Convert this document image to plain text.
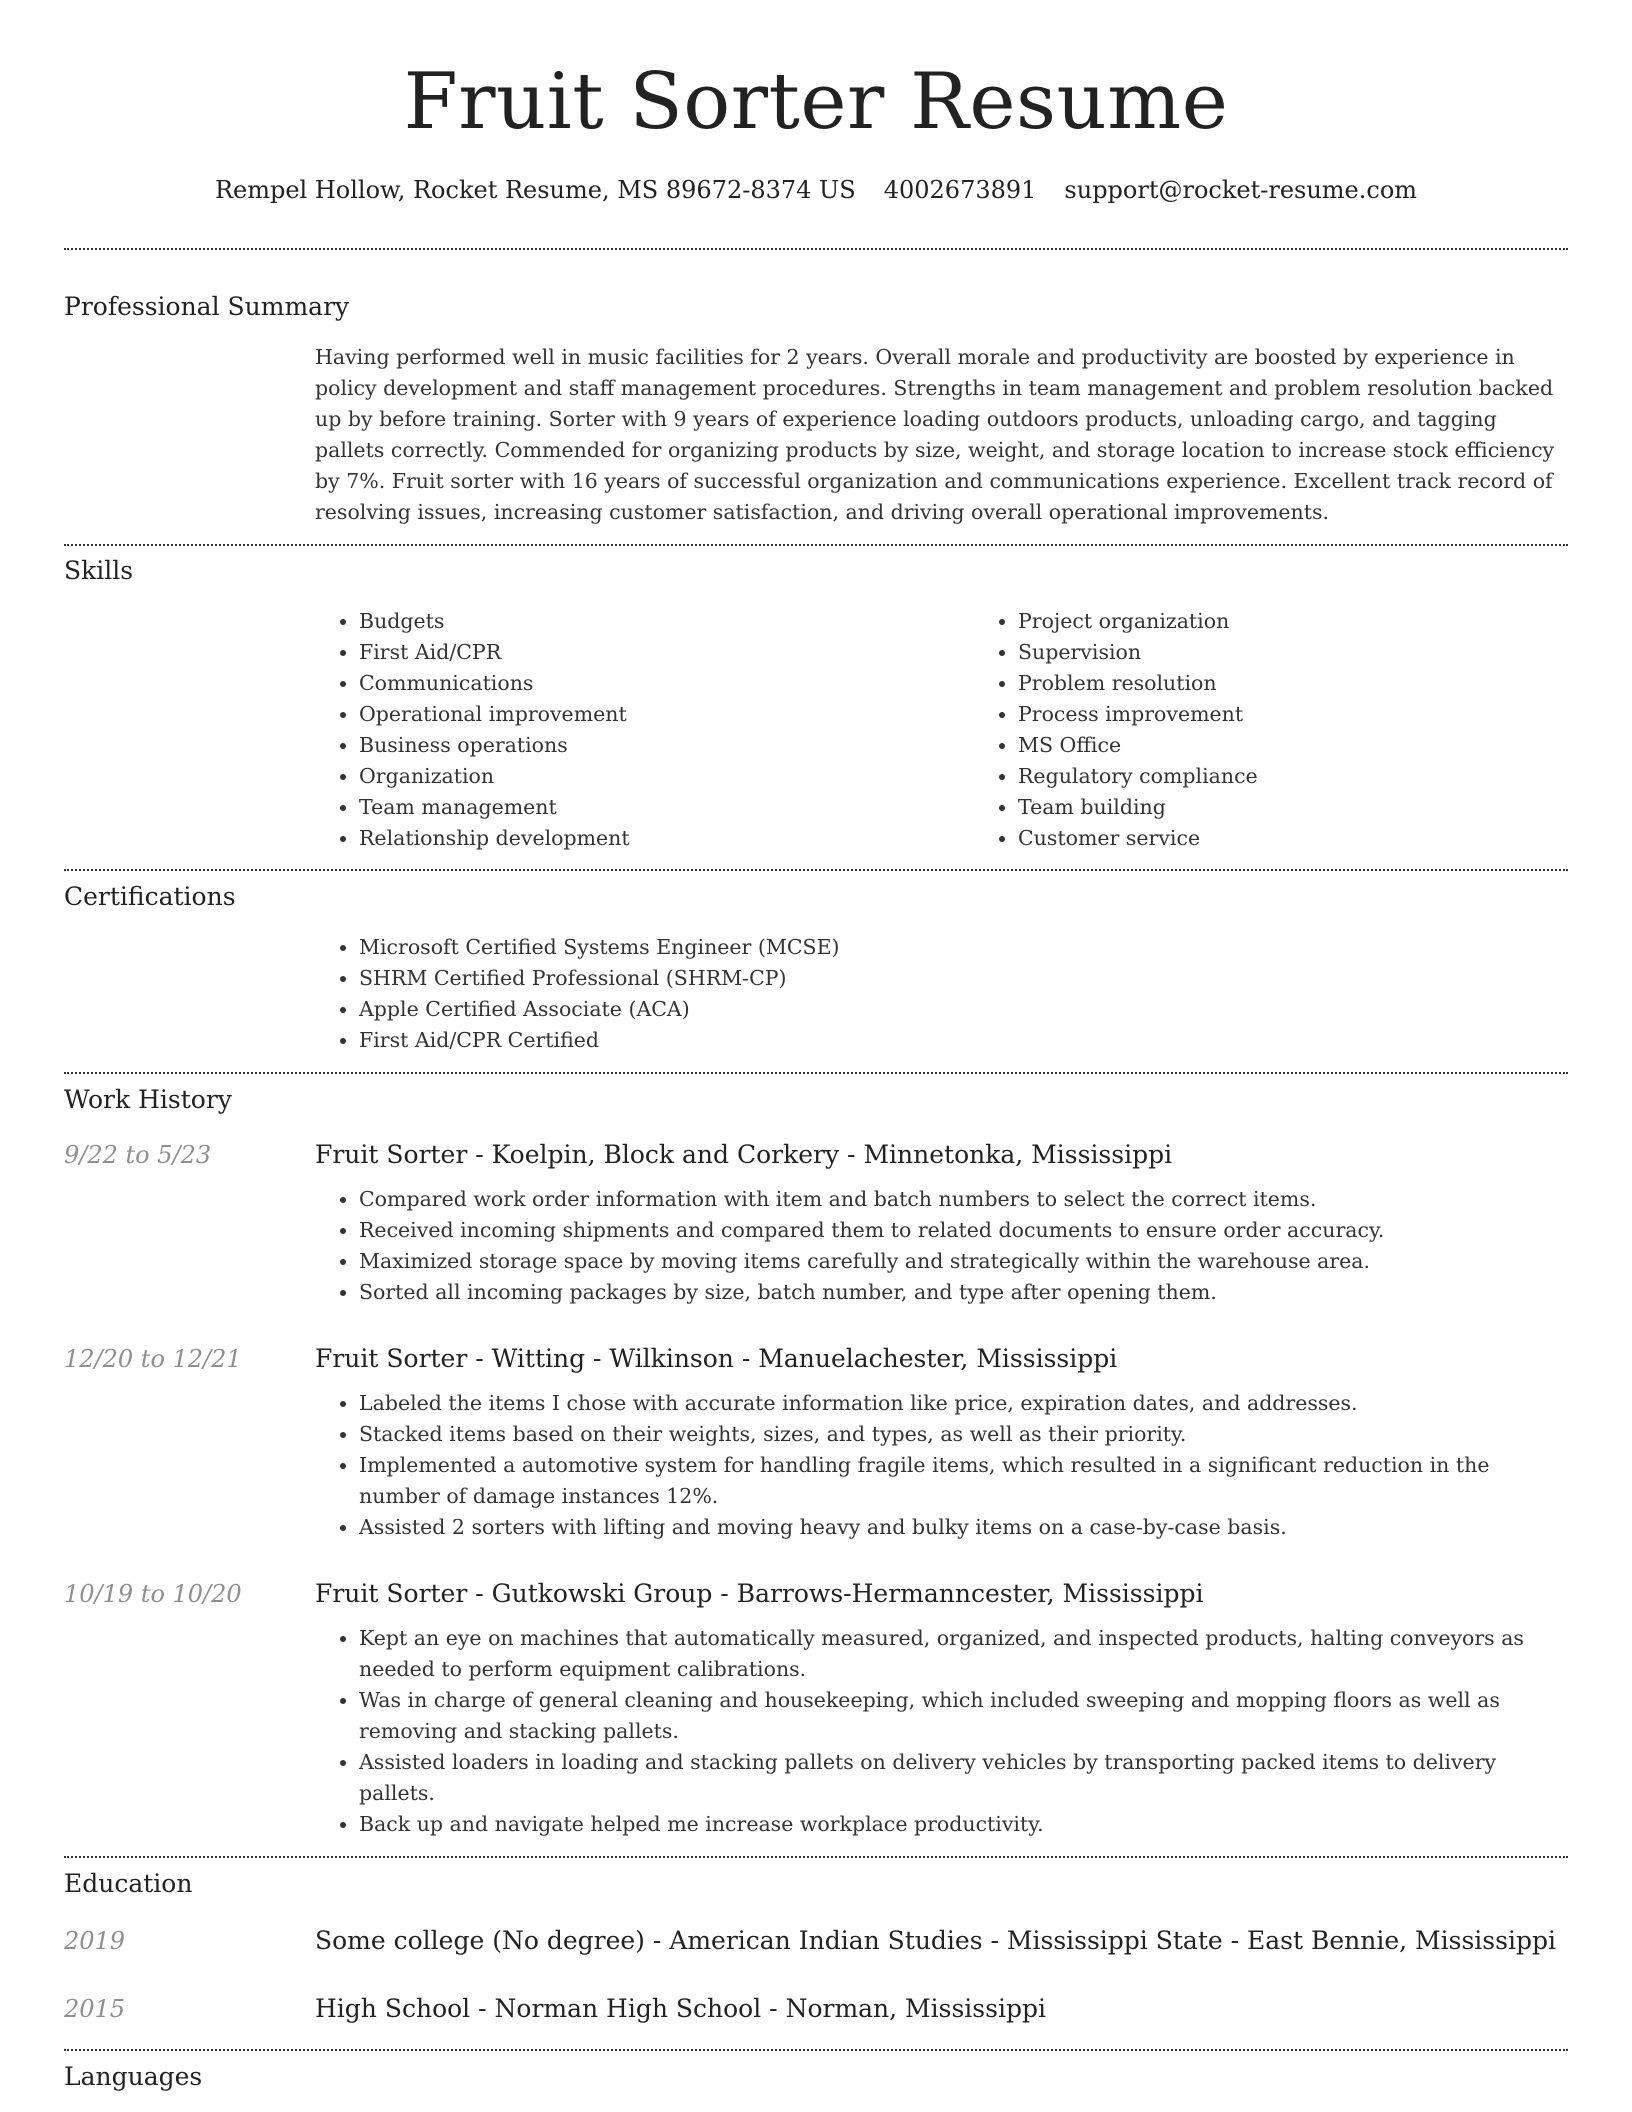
Fruit Sorter Resume
Rempel Hollow, Rocket Resume, MS 89672-8374 US 4002673891 support@rocket-resume.com
Professional Summary
Having performed well in music facilities for 2 years. Overall morale and productivity are boosted by experience in policy development and staff management procedures. Strengths in team management and problem resolution backed up by before training. Sorter with 9 years of experience loading outdoors products, unloading cargo, and tagging pallets correctly. Commended for organizing products by size, weight, and storage location to increase stock efficiency by 7%. Fruit sorter with 16 years of successful organization and communications experience. Excellent track record of resolving issues, increasing customer satisfaction, and driving overall operational improvements.
Skills
• Budgets
• First Aid/CPR
• Communications
• Operational improvement
• Business operations
• Organization
• Team management
• Relationship development
• Project organization
• Supervision
• Problem resolution
• Process improvement
• MS Office
• Regulatory compliance
• Team building
• Customer service
Certifications
• Microsoft Certified Systems Engineer (MCSE)
• SHRM Certified Professional (SHRM-CP)
• Apple Certified Associate (ACA)
• First Aid/CPR Certified
Work History
9/22 to 5/23	Fruit Sorter - Koelpin, Block and Corkery - Minnetonka, Mississippi
• Compared work order information with item and batch numbers to select the correct items.
• Received incoming shipments and compared them to related documents to ensure order accuracy.
• Maximized storage space by moving items carefully and strategically within the warehouse area.
• Sorted all incoming packages by size, batch number, and type after opening them.
12/20 to 12/21	Fruit Sorter - Witting - Wilkinson - Manuelachester, Mississippi
• Labeled the items I chose with accurate information like price, expiration dates, and addresses.
• Stacked items based on their weights, sizes, and types, as well as their priority.
• Implemented a automotive system for handling fragile items, which resulted in a significant reduction in the number of damage instances 12%.
• Assisted 2 sorters with lifting and moving heavy and bulky items on a case-by-case basis.
10/19 to 10/20	Fruit Sorter - Gutkowski Group - Barrows-Hermanncester, Mississippi
• Kept an eye on machines that automatically measured, organized, and inspected products, halting conveyors as needed to perform equipment calibrations.
• Was in charge of general cleaning and housekeeping, which included sweeping and mopping floors as well as removing and stacking pallets.
• Assisted loaders in loading and stacking pallets on delivery vehicles by transporting packed items to delivery pallets.
• Back up and navigate helped me increase workplace productivity.
Education
2019	Some college (No degree) - American Indian Studies - Mississippi State - East Bennie, Mississippi
2015	High School - Norman High School - Norman, Mississippi
Languages
